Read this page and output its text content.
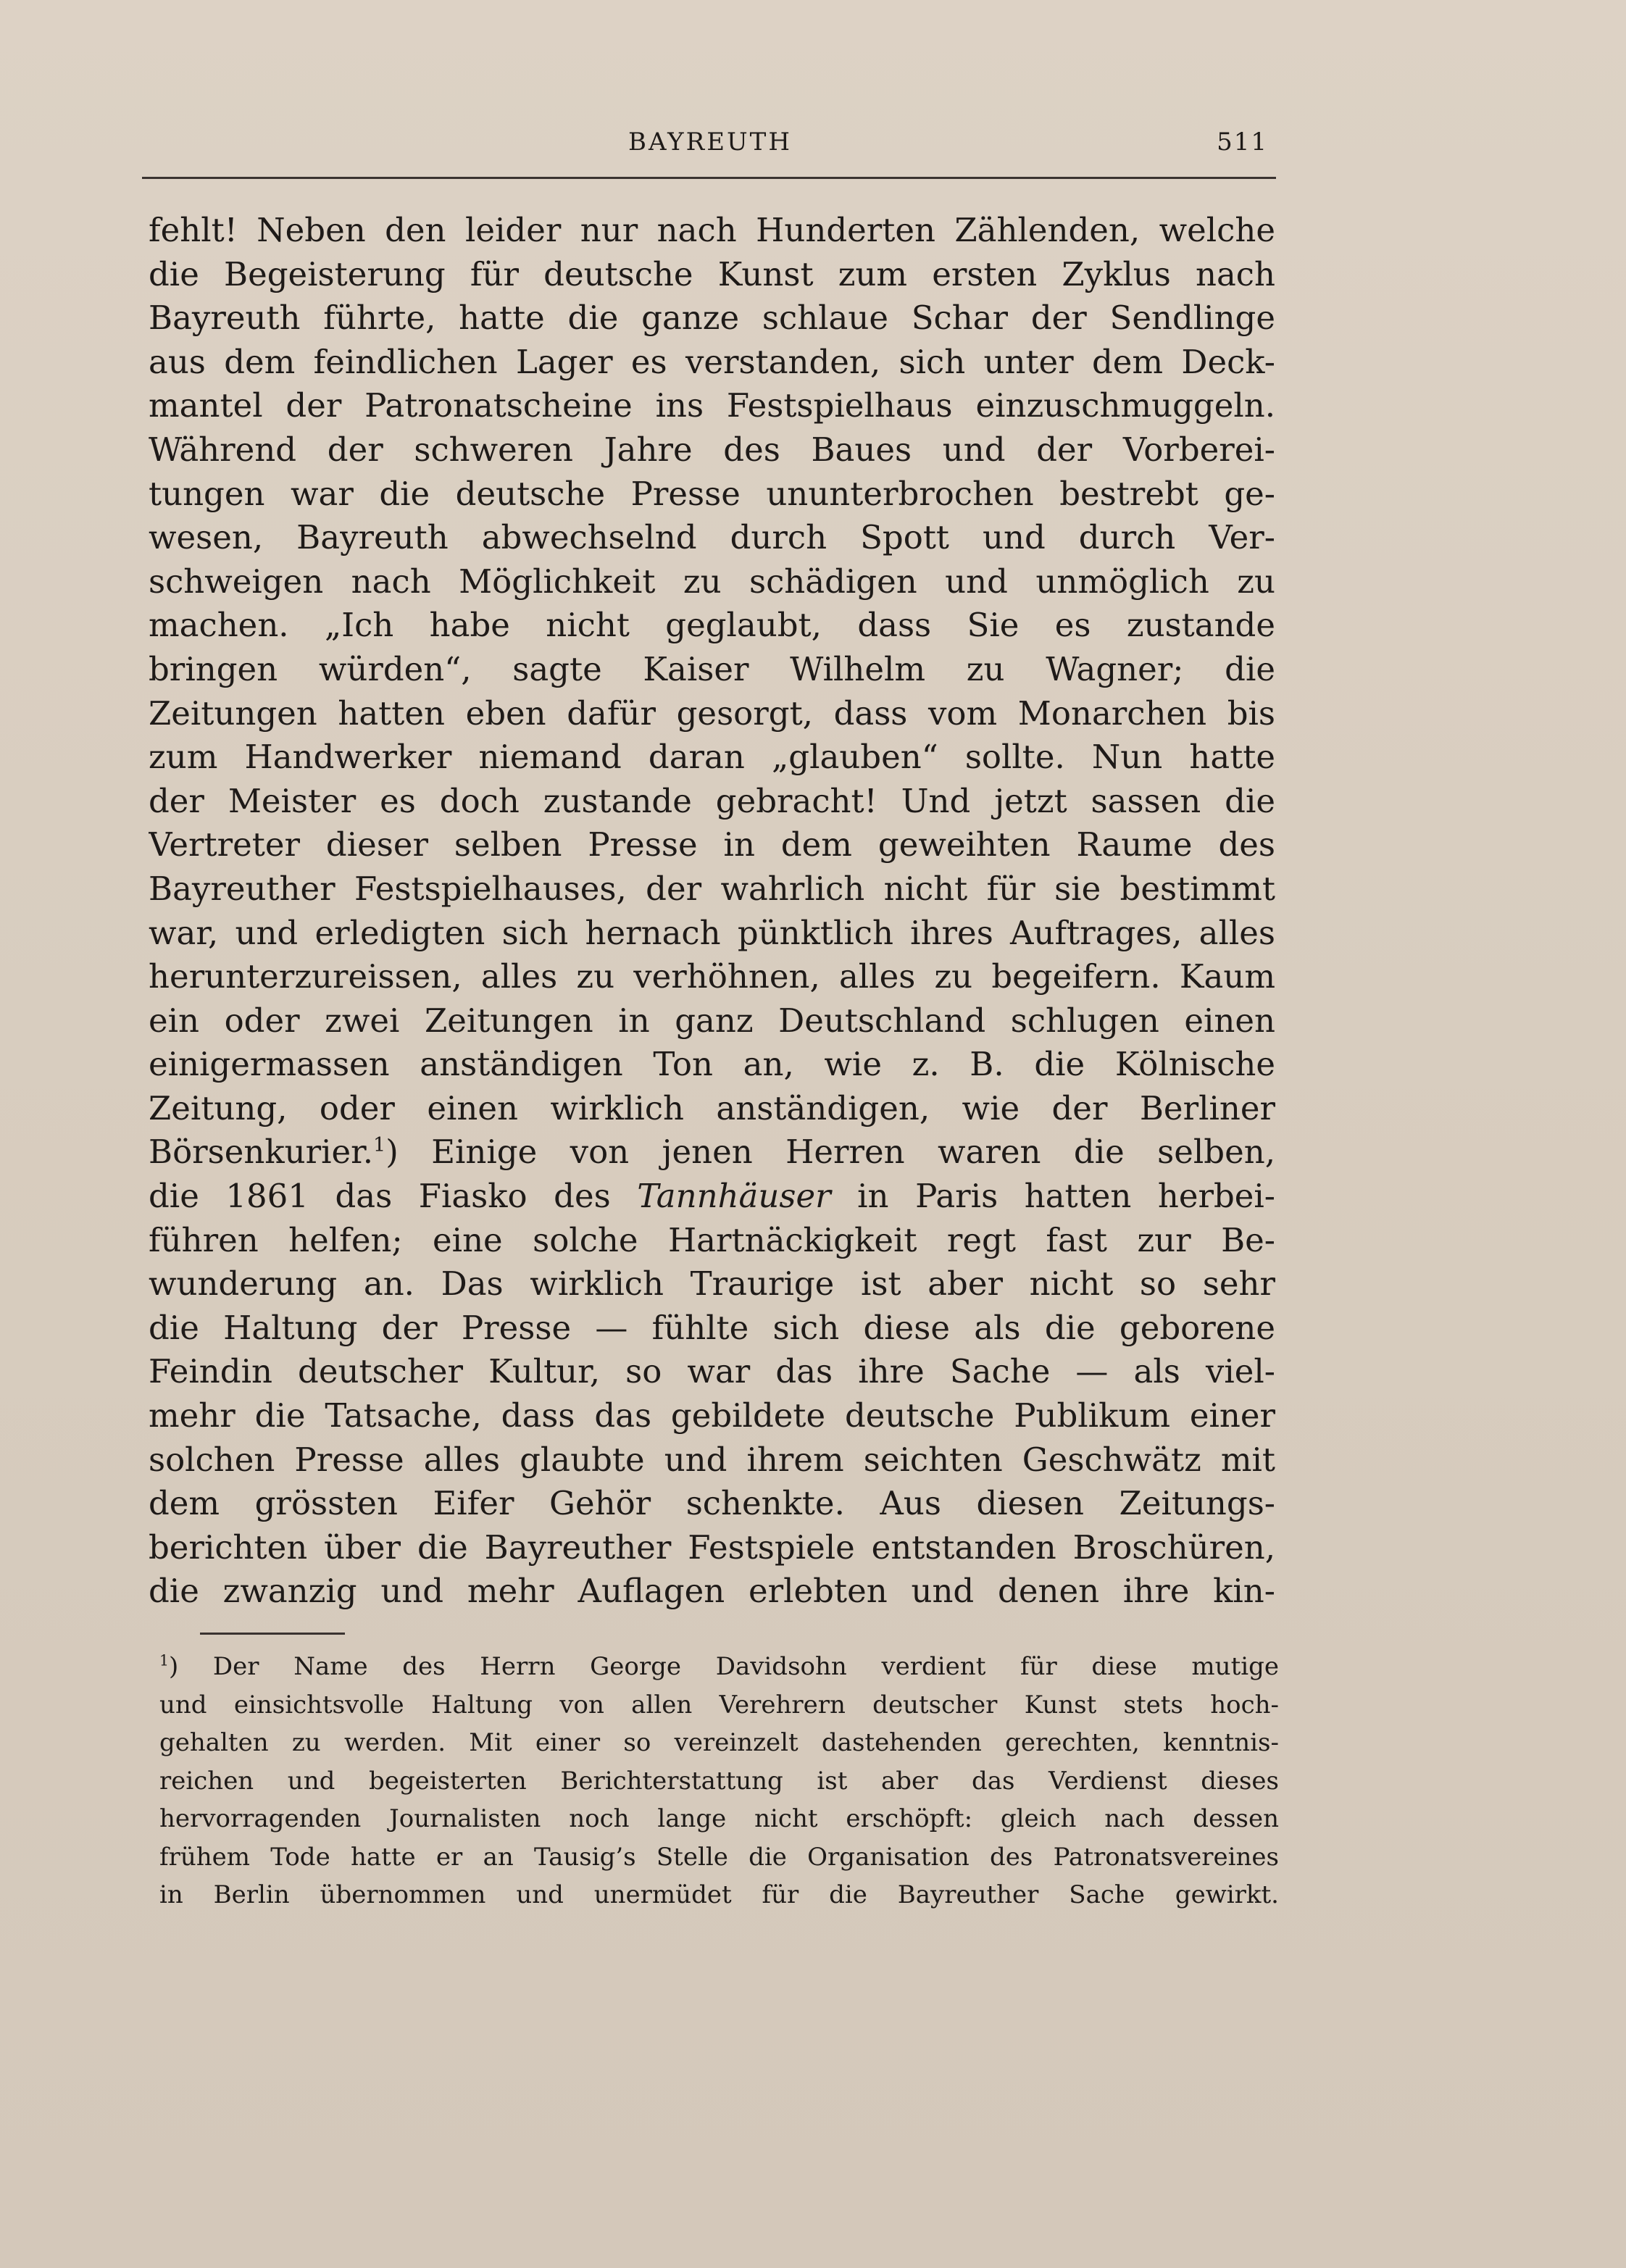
BAYREUTH	511
fehlt! Neben den leider nur nach Hunderten Zählenden, welche
die Begeisterung für deutsche Kunst zum ersten Zyklus nach
Bayreuth führte, hatte die ganze schlaue Schar der Sendlinge
aus dem feindlichen Lager es verstanden, sich unter dem Deck-
mantel der Patronatscheine ins Festspielhaus einzuschmuggeln.
Während der schweren Jahre des Baues und der Vorberei-
tungen war die deutsche Presse ununterbrochen bestrebt ge-
wesen, Bayreuth abwechselnd durch Spott und durch Ver-
schweigen nach Möglichkeit zu schädigen und unmöglich zu
machen. „Ich habe nicht geglaubt, dass Sie es zustande
bringen würden“, sagte Kaiser Wilhelm zu Wagner; die
Zeitungen hatten eben dafür gesorgt, dass vom Monarchen bis
zum Handwerker niemand daran „glauben“ sollte. Nun hatte
der Meister es doch zustande gebracht! Und jetzt sassen die
Vertreter dieser selben Presse in dem geweihten Raume des
Bayreuther Festspielhauses, der wahrlich nicht für sie bestimmt
war, und erledigten sich hernach pünktlich ihres Auftrages, alles
herunterzureissen, alles zu verhöhnen, alles zu begeifern. Kaum
ein oder zwei Zeitungen in ganz Deutschland schlugen einen
einigermassen anständigen Ton an, wie z. B. die Kölnische
Zeitung, oder einen wirklich anständigen, wie der Berliner
Börsenkurier.$^1$) Einige von jenen Herren waren die selben,
die 1861 das Fiasko des Tannhäuser in Paris hatten herbei-
führen helfen; eine solche Hartnäckigkeit regt fast zur Be-
wunderung an. Das wirklich Traurige ist aber nicht so sehr
die Haltung der Presse — fühlte sich diese als die geborene
Feindin deutscher Kultur, so war das ihre Sache — als viel-
mehr die Tatsache, dass das gebildete deutsche Publikum einer
solchen Presse alles glaubte und ihrem seichten Geschwätz mit
dem grössten Eifer Gehör schenkte. Aus diesen Zeitungs-
berichten über die Bayreuther Festspiele entstanden Broschüren,
die zwanzig und mehr Auflagen erlebten und denen ihre kin-
$^1$) Der Name des Herrn George Davidsohn verdient für diese mutige
und einsichtsvolle Haltung von allen Verehrern deutscher Kunst stets hoch-
gehalten zu werden. Mit einer so vereinzelt dastehenden gerechten, kenntnis-
reichen und begeisterten Berichterstattung ist aber das Verdienst dieses
hervorragenden Journalisten noch lange nicht erschöpft: gleich nach dessen
frühem Tode hatte er an Tausig’s Stelle die Organisation des Patronatsvereines
in Berlin übernommen und unermüdet für die Bayreuther Sache gewirkt.
